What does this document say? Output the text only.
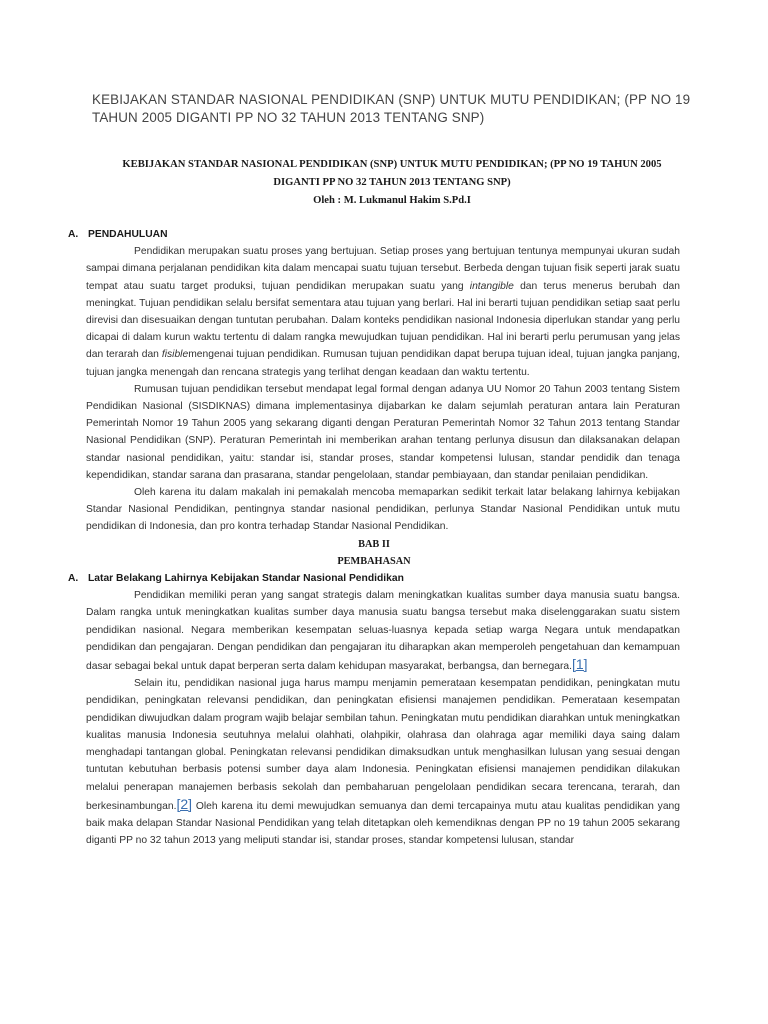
KEBIJAKAN STANDAR NASIONAL PENDIDIKAN (SNP) UNTUK MUTU PENDIDIKAN; (PP NO 19 TAHUN 2005 DIGANTI PP NO 32 TAHUN 2013 TENTANG SNP)
KEBIJAKAN STANDAR NASIONAL PENDIDIKAN (SNP) UNTUK MUTU PENDIDIKAN; (PP NO 19 TAHUN 2005
DIGANTI PP NO 32 TAHUN 2013 TENTANG SNP)
Oleh : M. Lukmanul Hakim S.Pd.I
A. PENDAHULUAN

Pendidikan merupakan suatu proses yang bertujuan. Setiap proses yang bertujuan tentunya mempunyai ukuran sudah sampai dimana perjalanan pendidikan kita dalam mencapai suatu tujuan tersebut. Berbeda dengan tujuan fisik seperti jarak suatu tempat atau suatu target produksi, tujuan pendidikan merupakan suatu yang intangible dan terus menerus berubah dan meningkat. Tujuan pendidikan selalu bersifat sementara atau tujuan yang berlari. Hal ini berarti tujuan pendidikan setiap saat perlu direvisi dan disesuaikan dengan tuntutan perubahan. Dalam konteks pendidikan nasional Indonesia diperlukan standar yang perlu dicapai di dalam kurun waktu tertentu di dalam rangka mewujudkan tujuan pendidikan. Hal ini berarti perlu perumusan yang jelas dan terarah dan fisiblemengenai tujuan pendidikan. Rumusan tujuan pendidikan dapat berupa tujuan ideal, tujuan jangka panjang, tujuan jangka menengah dan rencana strategis yang terlihat dengan keadaan dan waktu tertentu.

Rumusan tujuan pendidikan tersebut mendapat legal formal dengan adanya UU Nomor 20 Tahun 2003 tentang Sistem Pendidikan Nasional (SISDIKNAS) dimana implementasinya dijabarkan ke dalam sejumlah peraturan antara lain Peraturan Pemerintah Nomor 19 Tahun 2005 yang sekarang diganti dengan Peraturan Pemerintah Nomor 32 Tahun 2013 tentang Standar Nasional Pendidikan (SNP). Peraturan Pemerintah ini memberikan arahan tentang perlunya disusun dan dilaksanakan delapan standar nasional pendidikan, yaitu: standar isi, standar proses, standar kompetensi lulusan, standar pendidik dan tenaga kependidikan, standar sarana dan prasarana, standar pengelolaan, standar pembiayaan, dan standar penilaian pendidikan.

Oleh karena itu dalam makalah ini pemakalah mencoba memaparkan sedikit terkait latar belakang lahirnya kebijakan Standar Nasional Pendidikan, pentingnya standar nasional pendidikan, perlunya Standar Nasional Pendidikan untuk mutu pendidikan di Indonesia, dan pro kontra terhadap Standar Nasional Pendidikan.

BAB II
PEMBAHASAN
A. Latar Belakang Lahirnya Kebijakan Standar Nasional Pendidikan

Pendidikan memiliki peran yang sangat strategis dalam meningkatkan kualitas sumber daya manusia suatu bangsa. Dalam rangka untuk meningkatkan kualitas sumber daya manusia suatu bangsa tersebut maka diselenggarakan suatu sistem pendidikan nasional. Negara memberikan kesempatan seluas-luasnya kepada setiap warga Negara untuk mendapatkan pendidikan dan pengajaran. Dengan pendidikan dan pengajaran itu diharapkan akan memperoleh pengetahuan dan kemampuan dasar sebagai bekal untuk dapat berperan serta dalam kehidupan masyarakat, berbangsa, dan bernegara.[1]

Selain itu, pendidikan nasional juga harus mampu menjamin pemerataan kesempatan pendidikan, peningkatan mutu pendidikan, peningkatan relevansi pendidikan, dan peningkatan efisiensi manajemen pendidikan. Pemerataan kesempatan pendidikan diwujudkan dalam program wajib belajar sembilan tahun. Peningkatan mutu pendidikan diarahkan untuk meningkatkan kualitas manusia Indonesia seutuhnya melalui olahhati, olahpikir, olahrasa dan olahraga agar memiliki daya saing dalam menghadapi tantangan global. Peningkatan relevansi pendidikan dimaksudkan untuk menghasilkan lulusan yang sesuai dengan tuntutan kebutuhan berbasis potensi sumber daya alam Indonesia. Peningkatan efisiensi manajemen pendidikan dilakukan melalui penerapan manajemen berbasis sekolah dan pembaharuan pengelolaan pendidikan secara terencana, terarah, dan berkesinambungan.[2] Oleh karena itu demi mewujudkan semuanya dan demi tercapainya mutu atau kualitas pendidikan yang baik maka delapan Standar Nasional Pendidikan yang telah ditetapkan oleh kemendiknas dengan PP no 19 tahun 2005 sekarang diganti PP no 32 tahun 2013 yang meliputi standar isi, standar proses, standar kompetensi lulusan, standar
